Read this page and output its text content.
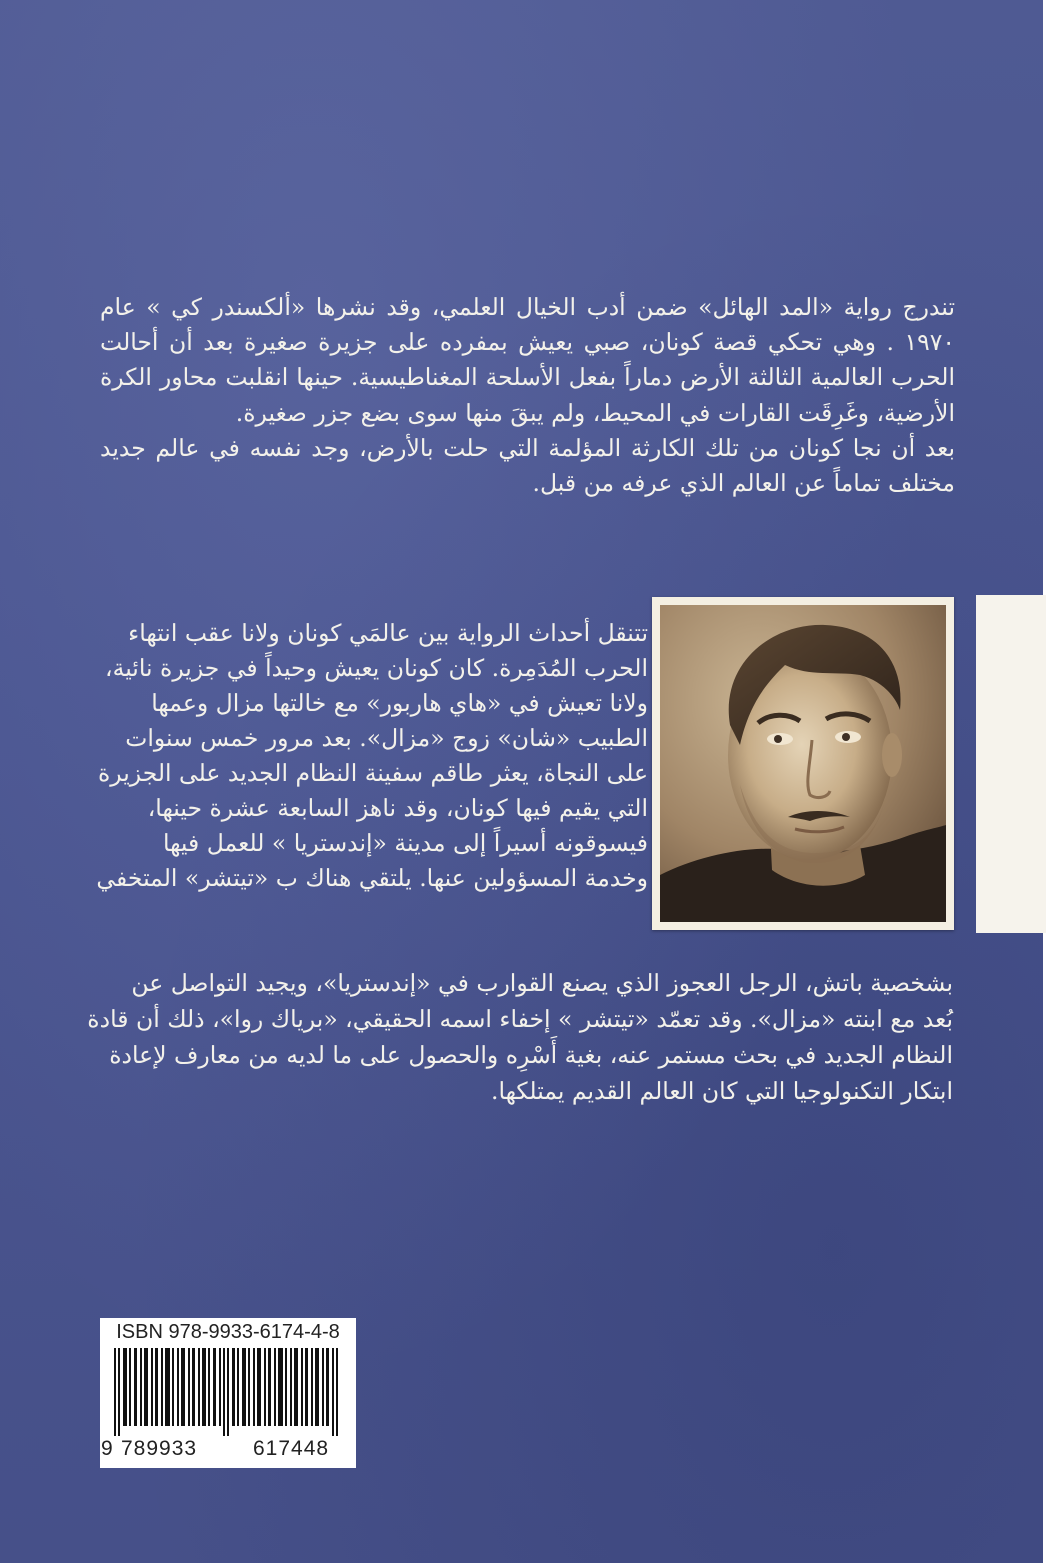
تندرج رواية «المد الهائل» ضمن أدب الخيال العلمي، وقد نشرها «ألكسندر كي » عام ١٩٧٠ . وهي تحكي قصة كونان، صبي يعيش بمفرده على جزيرة صغيرة بعد أن أحالت الحرب العالمية الثالثة الأرض دماراً بفعل الأسلحة المغناطيسية. حينها انقلبت محاور الكرة الأرضية، وغَرِقَت القارات في المحيط، ولم يبقَ منها سوى بضع جزر صغيرة.

بعد أن نجا كونان من تلك الكارثة المؤلمة التي حلت بالأرض، وجد نفسه في عالم جديد مختلف تماماً عن العالم الذي عرفه من قبل.

تتنقل أحداث الرواية بين عالمَي كونان ولانا عقب انتهاء
الحرب المُدَمِرة. كان كونان يعيش وحيداً في جزيرة نائية،
ولانا تعيش في «هاي هاربور» مع خالتها مزال وعمها
الطبيب «شان» زوج «مزال». بعد مرور خمس سنوات
على النجاة، يعثر طاقم سفينة النظام الجديد على الجزيرة
التي يقيم فيها كونان، وقد ناهز السابعة عشرة حينها،
فيسوقونه أسيراً إلى مدينة «إندستريا » للعمل فيها
وخدمة المسؤولين عنها. يلتقي هناك ب «تيتشر» المتخفي
بشخصية باتش، الرجل العجوز الذي يصنع القوارب في «إندستريا»، ويجيد التواصل عن
بُعد مع ابنته «مزال». وقد تعمّد «تيتشر » إخفاء اسمه الحقيقي، «برياك روا»، ذلك أن قادة
النظام الجديد في بحث مستمر عنه، بغية أَسْرِه والحصول على ما لديه من معارف لإعادة
ابتكار التكنولوجيا التي كان العالم القديم يمتلكها.
ISBN 978-9933-6174-4-8
9 789933	617448
